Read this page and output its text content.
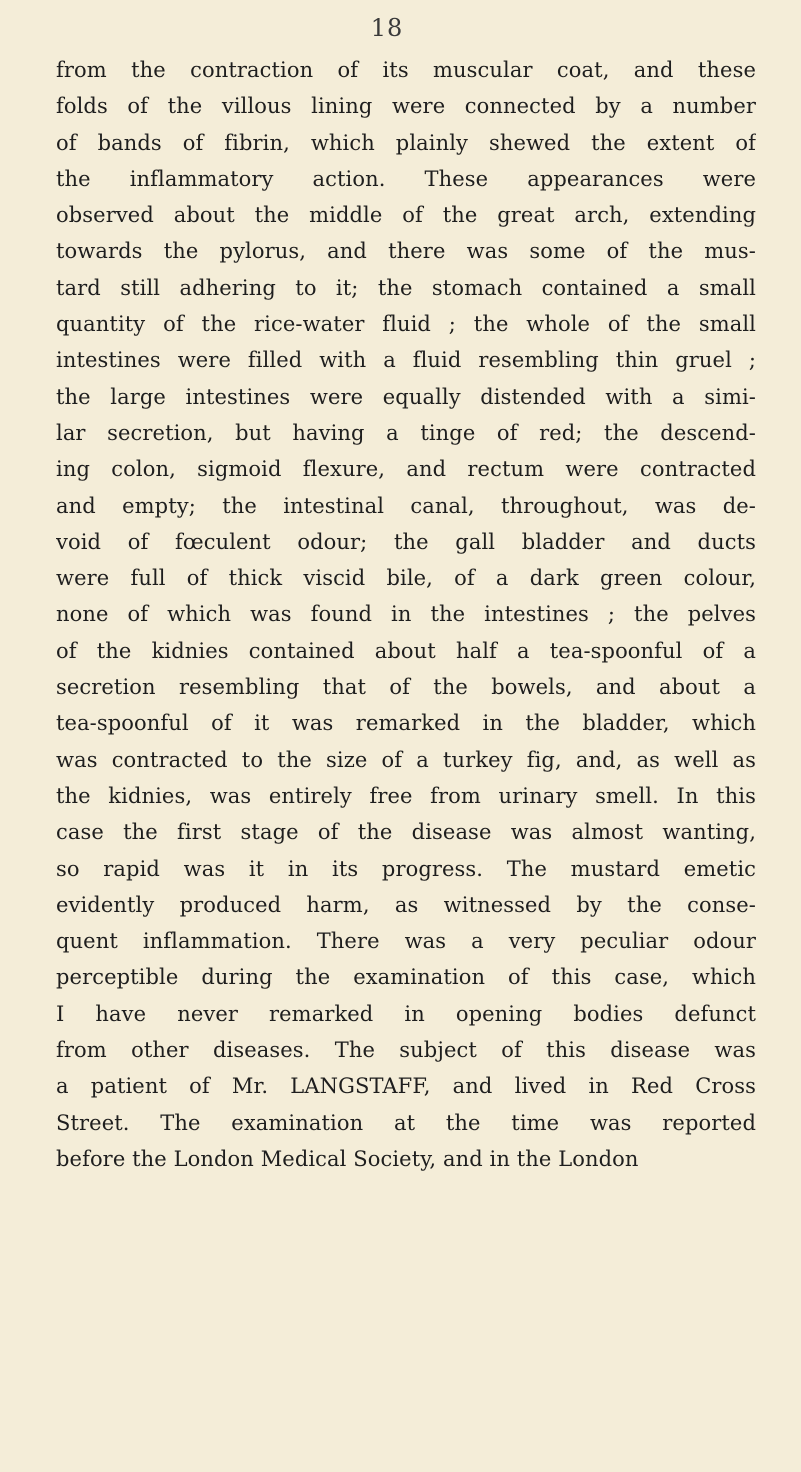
18
from the contraction of its muscular coat, and these
folds of the villous lining were connected by a number
of bands of fibrin, which plainly shewed the extent of
the inflammatory action. These appearances were
observed about the middle of the great arch, extending
towards the pylorus, and there was some of the mus-
tard still adhering to it; the stomach contained a small
quantity of the rice-water fluid ; the whole of the small
intestines were filled with a fluid resembling thin gruel ;
the large intestines were equally distended with a simi-
lar secretion, but having a tinge of red; the descend-
ing colon, sigmoid flexure, and rectum were contracted
and empty; the intestinal canal, throughout, was de-
void of fœculent odour; the gall bladder and ducts
were full of thick viscid bile, of a dark green colour,
none of which was found in the intestines ; the pelves
of the kidnies contained about half a tea-spoonful of a
secretion resembling that of the bowels, and about a
tea-spoonful of it was remarked in the bladder, which
was contracted to the size of a turkey fig, and, as well as
the kidnies, was entirely free from urinary smell. In this
case the first stage of the disease was almost wanting,
so rapid was it in its progress. The mustard emetic
evidently produced harm, as witnessed by the conse-
quent inflammation. There was a very peculiar odour
perceptible during the examination of this case, which
I have never remarked in opening bodies defunct
from other diseases. The subject of this disease was
a patient of Mr. LANGSTAFF, and lived in Red Cross
Street. The examination at the time was reported
before the London Medical Society, and in the London
